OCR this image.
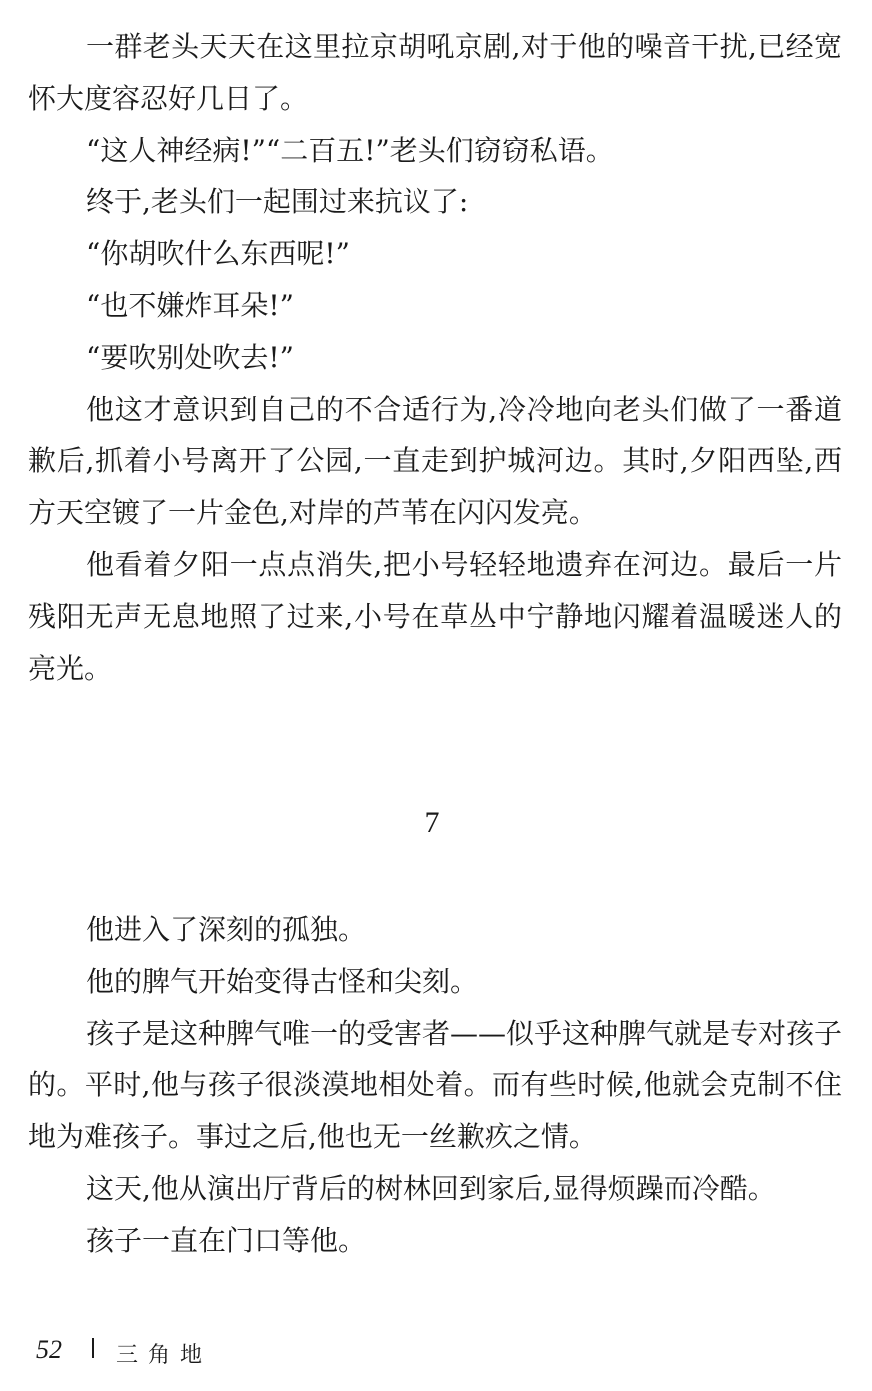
一群老头天天在这里拉京胡吼京剧,对于他的噪音干扰,已经宽怀大度容忍好几日了。

“这人神经病!”“二百五!”老头们窃窃私语。

终于,老头们一起围过来抗议了:

“你胡吹什么东西呢!”

“也不嫌炸耳朵!”

“要吹别处吹去!”

他这才意识到自己的不合适行为,冷冷地向老头们做了一番道歉后,抓着小号离开了公园,一直走到护城河边。其时,夕阳西坠,西方天空镀了一片金色,对岸的芦苇在闪闪发亮。

他看着夕阳一点点消失,把小号轻轻地遗弃在河边。最后一片残阳无声无息地照了过来,小号在草丛中宁静地闪耀着温暖迷人的亮光。

7

他进入了深刻的孤独。

他的脾气开始变得古怪和尖刻。

孩子是这种脾气唯一的受害者——似乎这种脾气就是专对孩子的。平时,他与孩子很淡漠地相处着。而有些时候,他就会克制不住地为难孩子。事过之后,他也无一丝歉疚之情。

这天,他从演出厅背后的树林回到家后,显得烦躁而冷酷。

孩子一直在门口等他。

52 三角地
